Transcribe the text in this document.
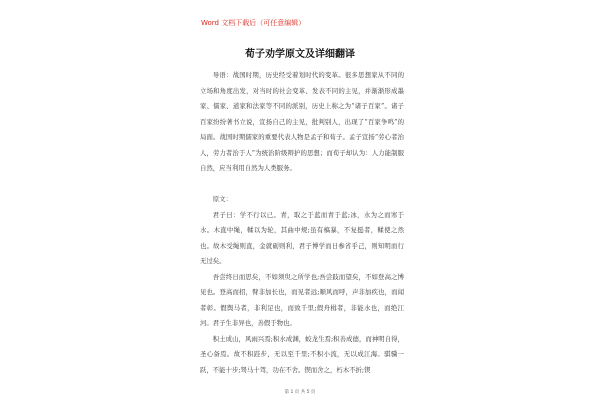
Word 文档下载后（可任意编辑）
荀子劝学原文及详细翻译

导语：战国时期，历史经受着划时代的变革。很多思想家从不同的立场和角度出发，对当时的社会变革、发表不同的主见，并渐渐形成墨家、儒家、道家和法家等不同的派别，历史上称之为“诸子百家”。诸子百家纷纷著书立说，宣扬自己的主见，批判别人，出现了“百家争鸣”的局面。战国时期儒家的重要代表人物是孟子和荀子。孟子宣扬“劳心者治人，劳力者治于人”为统治阶级辩护的思想；而荀子却认为：人力能制服自然，应当利用自然为人类服务。

原文：

君子曰：学不行以已。青，取之于蓝而青于蓝;冰，水为之而寒于水。木直中绳，輮以为轮，其曲中规;虽有槁暴，不复挺者，輮使之然也。故木受绳则直，金就砺则利，君子博学而日参省乎己，则知明而行无过矣。

吾尝终日而思矣，不如须臾之所学也;吾尝跂而望矣，不如登高之博见也。登高而招，臂非加长也，而见者远;顺风而呼，声非加疾也，而闻者彰。假舆马者，非利足也，而致千里;假舟楫者，非能水也，而绝江河。君子生非异也，善假于物也。

积土成山，风雨兴焉;积水成渊，蛟龙生焉;积善成德，而神明自得，圣心备焉。故不积跬步，无以至千里;不积小流，无以成江海。骐骥一跃，不能十步;驽马十驾，功在不舍。锲而舍之，朽木不折;锲

第 1 页 共 5 页
